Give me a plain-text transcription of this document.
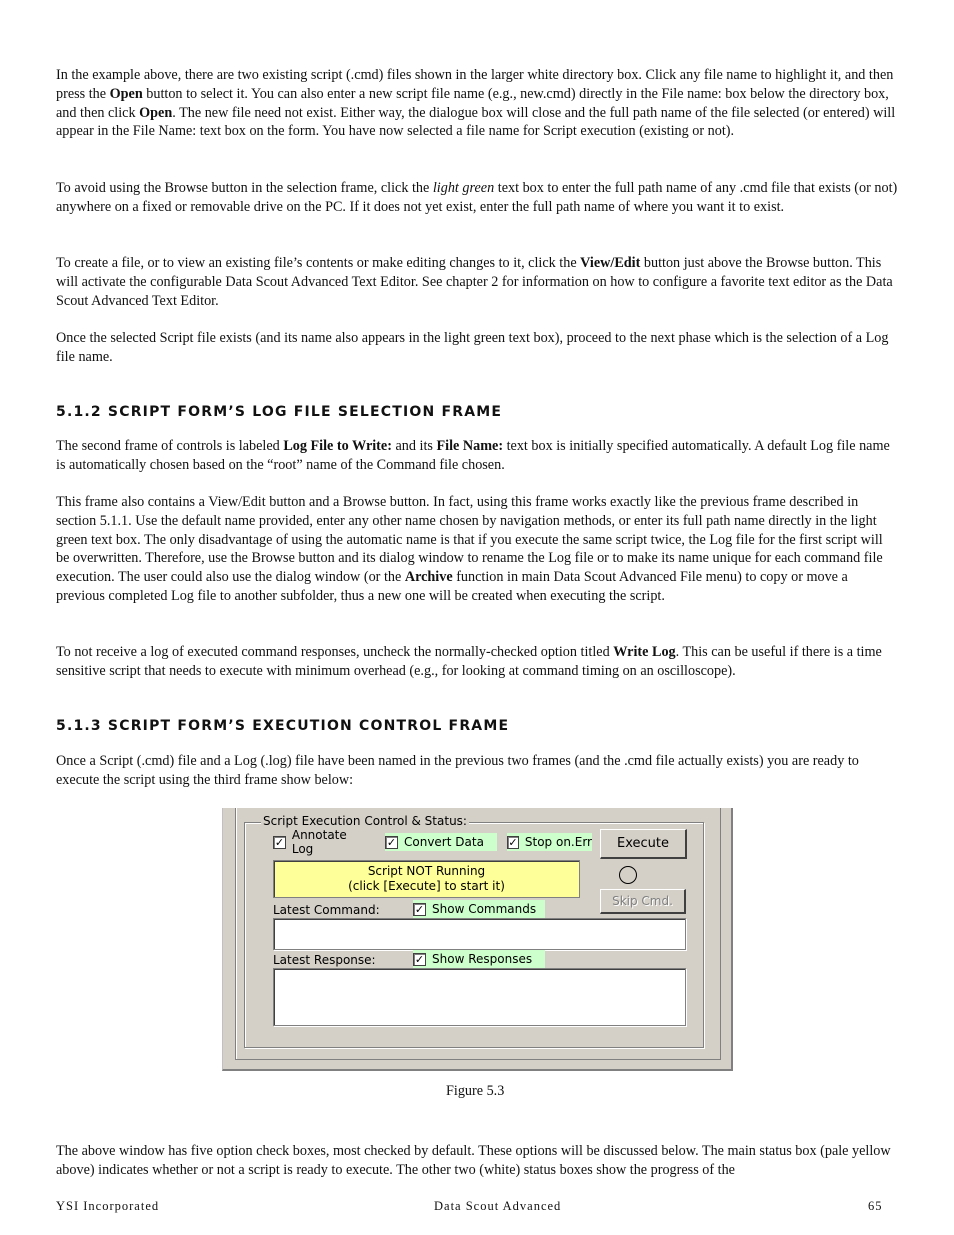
In the example above, there are two existing script (.cmd) files shown in the larger white directory box. Click any file name to highlight it, and then press the Open button to select it. You can also enter a new script file name (e.g., new.cmd) directly in the File name: box below the directory box, and then click Open. The new file need not exist. Either way, the dialogue box will close and the full path name of the file selected (or entered) will appear in the File Name: text box on the form. You have now selected a file name for Script execution (existing or not).

To avoid using the Browse button in the selection frame, click the light green text box to enter the full path name of any .cmd file that exists (or not) anywhere on a fixed or removable drive on the PC. If it does not yet exist, enter the full path name of where you want it to exist.

To create a file, or to view an existing file’s contents or make editing changes to it, click the View/Edit button just above the Browse button. This will activate the configurable Data Scout Advanced Text Editor. See chapter 2 for information on how to configure a favorite text editor as the Data Scout Advanced Text Editor.

Once the selected Script file exists (and its name also appears in the light green text box), proceed to the next phase which is the selection of a Log file name.

5.1.2 SCRIPT FORM’S LOG FILE SELECTION FRAME

The second frame of controls is labeled Log File to Write: and its File Name: text box is initially specified automatically. A default Log file name is automatically chosen based on the “root” name of the Command file chosen.

This frame also contains a View/Edit button and a Browse button. In fact, using this frame works exactly like the previous frame described in section 5.1.1. Use the default name provided, enter any other name chosen by navigation methods, or enter its full path name directly in the light green text box. The only disadvantage of using the automatic name is that if you execute the same script twice, the Log file for the first script will be overwritten. Therefore, use the Browse button and its dialog window to rename the Log file or to make its name unique for each command file execution. The user could also use the dialog window (or the Archive function in main Data Scout Advanced File menu) to copy or move a previous completed Log file to another subfolder, thus a new one will be created when executing the script.

To not receive a log of executed command responses, uncheck the normally-checked option titled Write Log. This can be useful if there is a time sensitive script that needs to execute with minimum overhead (e.g., for looking at command timing on an oscilloscope).

5.1.3 SCRIPT FORM’S EXECUTION CONTROL FRAME

Once a Script (.cmd) file and a Log (.log) file have been named in the previous two frames (and the .cmd file actually exists) you are ready to execute the script using the third frame show below:

Script Execution Control & Status:
✓ Annotate Log	✓ Convert Data ✓ Stop on.Err	Execute
Script NOT Running
(click [Execute] to start it)
Skip Cmd.
Latest Command:	✓ Show Commands
Latest Response:	✓ Show Responses
Figure 5.3

The above window has five option check boxes, most checked by default. These options will be discussed below. The main status box (pale yellow above) indicates whether or not a script is ready to execute. The other two (white) status boxes show the progress of the

YSI Incorporated	Data Scout Advanced	65
